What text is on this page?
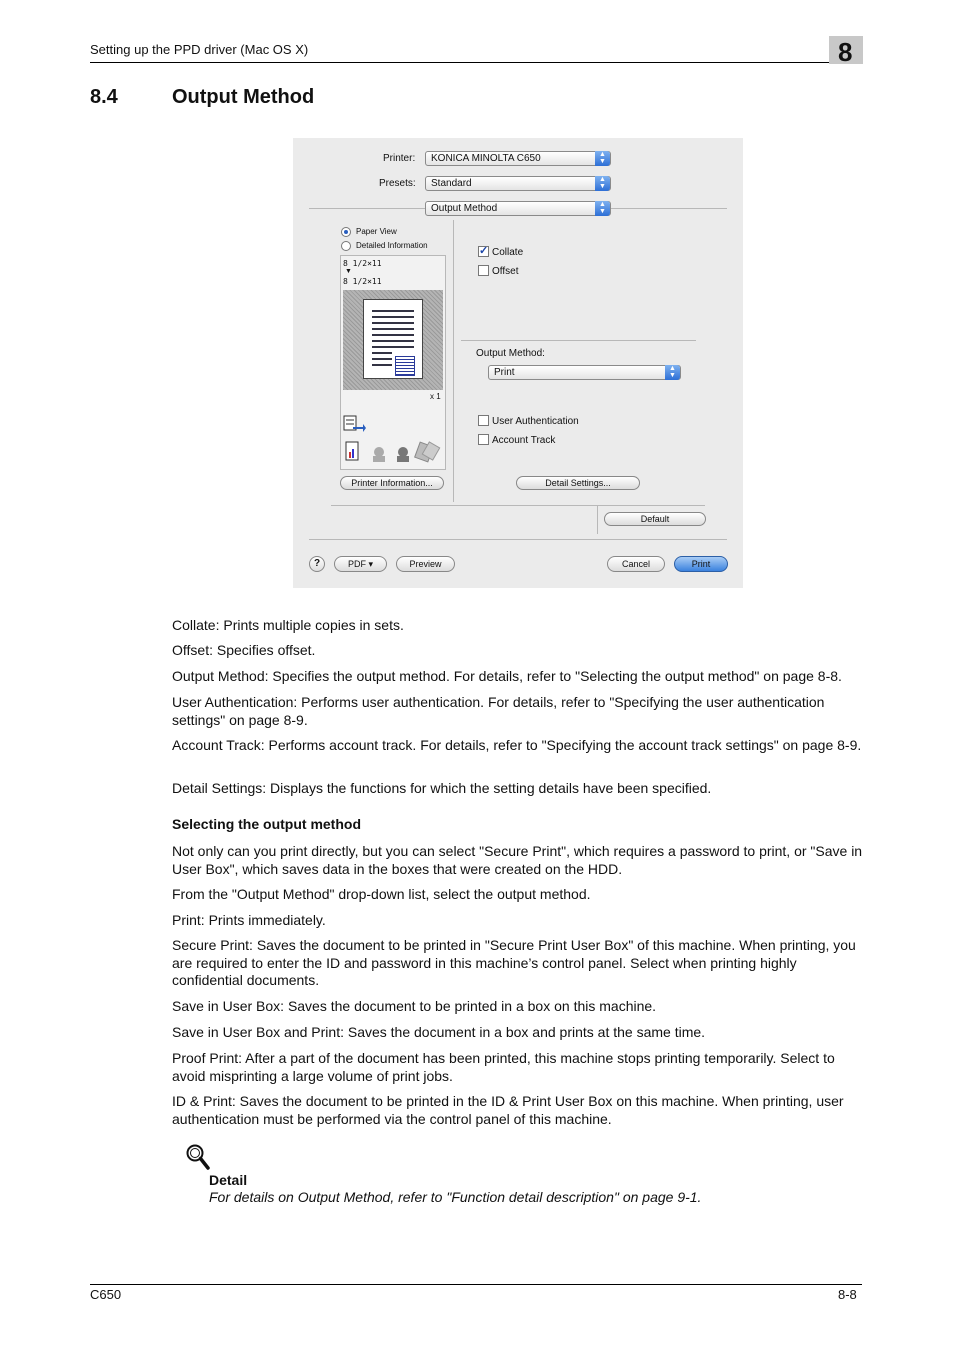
Setting up the PPD driver (Mac OS X)	8
8.4	Output Method
Printer:	KONICA MINOLTA C650	▲
▼
Presets:	Standard	▲
▼
Output Method	▲
▼
Paper View
Detailed Information
8 1/2×11
▼
8 1/2×11
x 1
✓ Collate
Offset
Output Method:
Print	▲
▼
User Authentication
Account Track
Printer Information...	Detail Settings...
Default
?	PDF ▾	Preview	Cancel	Print
Collate: Prints multiple copies in sets.
Offset: Specifies offset.
Output Method: Specifies the output method. For details, refer to "Selecting the output method" on page 8-8.
User Authentication: Performs user authentication. For details, refer to "Specifying the user authentication settings" on page 8-9.
Account Track: Performs account track. For details, refer to "Specifying the account track settings" on page 8-9.
Detail Settings: Displays the functions for which the setting details have been specified.
Selecting the output method
Not only can you print directly, but you can select "Secure Print", which requires a password to print, or "Save in User Box", which saves data in the boxes that were created on the HDD.
From the "Output Method" drop-down list, select the output method.
Print: Prints immediately.
Secure Print: Saves the document to be printed in "Secure Print User Box" of this machine. When printing, you are required to enter the ID and password in this machine’s control panel. Select when printing highly confidential documents.
Save in User Box: Saves the document to be printed in a box on this machine.
Save in User Box and Print: Saves the document in a box and prints at the same time.
Proof Print: After a part of the document has been printed, this machine stops printing temporarily. Select to avoid misprinting a large volume of print jobs.
ID & Print: Saves the document to be printed in the ID & Print User Box on this machine. When printing, user authentication must be performed via the control panel of this machine.
Detail
For details on Output Method, refer to "Function detail description" on page 9-1.
C650	8-8
